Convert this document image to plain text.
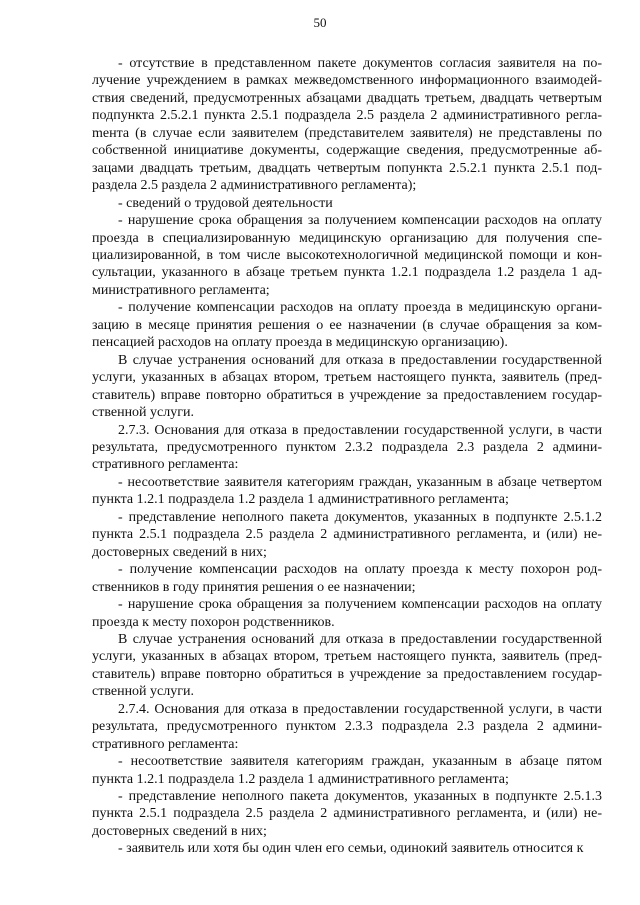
50

- отсутствие в представленном пакете документов согласия заявителя на получение учреждением в рамках межведомственного информационного взаимодействия сведений, предусмотренных абзацами двадцать третьем, двадцать четвертым подпункта 2.5.2.1 пункта 2.5.1 подраздела 2.5 раздела 2 административного реглаmента (в случае если заявителем (представителем заявителя) не представлены по собственной инициативе документы, содержащие сведения, предусмотренные абзацами двадцать третьим, двадцать четвертым попункта 2.5.2.1 пункта 2.5.1 подраздела 2.5 раздела 2 административного регламента);

- сведений о трудовой деятельности

- нарушение срока обращения за получением компенсации расходов на оплату проезда в специализированную медицинскую организацию для получения специализированной, в том числе высокотехнологичной медицинской помощи и консультации, указанного в абзаце третьем пункта 1.2.1 подраздела 1.2 раздела 1 административного регламента;

- получение компенсации расходов на оплату проезда в медицинскую организацию в месяце принятия решения о ее назначении (в случае обращения за компенсацией расходов на оплату проезда в медицинскую организацию).

В случае устранения оснований для отказа в предоставлении государственной услуги, указанных в абзацах втором, третьем настоящего пункта, заявитель (представитель) вправе повторно обратиться в учреждение за предоставлением государственной услуги.

2.7.3. Основания для отказа в предоставлении государственной услуги, в части результата, предусмотренного пунктом 2.3.2 подраздела 2.3 раздела 2 административного регламента:

- несоответствие заявителя категориям граждан, указанным в абзаце четвертом пункта 1.2.1 подраздела 1.2 раздела 1 административного регламента;

- представление неполного пакета документов, указанных в подпункте 2.5.1.2 пункта 2.5.1 подраздела 2.5 раздела 2 административного регламента, и (или) недостоверных сведений в них;

- получение компенсации расходов на оплату проезда к месту похорон родственников в году принятия решения о ее назначении;

- нарушение срока обращения за получением компенсации расходов на оплату проезда к месту похорон родственников.

В случае устранения оснований для отказа в предоставлении государственной услуги, указанных в абзацах втором, третьем настоящего пункта, заявитель (представитель) вправе повторно обратиться в учреждение за предоставлением государственной услуги.

2.7.4. Основания для отказа в предоставлении государственной услуги, в части результата, предусмотренного пунктом 2.3.3 подраздела 2.3 раздела 2 административного регламента:

- несоответствие заявителя категориям граждан, указанным в абзаце пятом пункта 1.2.1 подраздела 1.2 раздела 1 административного регламента;

- представление неполного пакета документов, указанных в подпункте 2.5.1.3 пункта 2.5.1 подраздела 2.5 раздела 2 административного регламента, и (или) недостоверных сведений в них;

- заявитель или хотя бы один член его семьи, одинокий заявитель относится к
